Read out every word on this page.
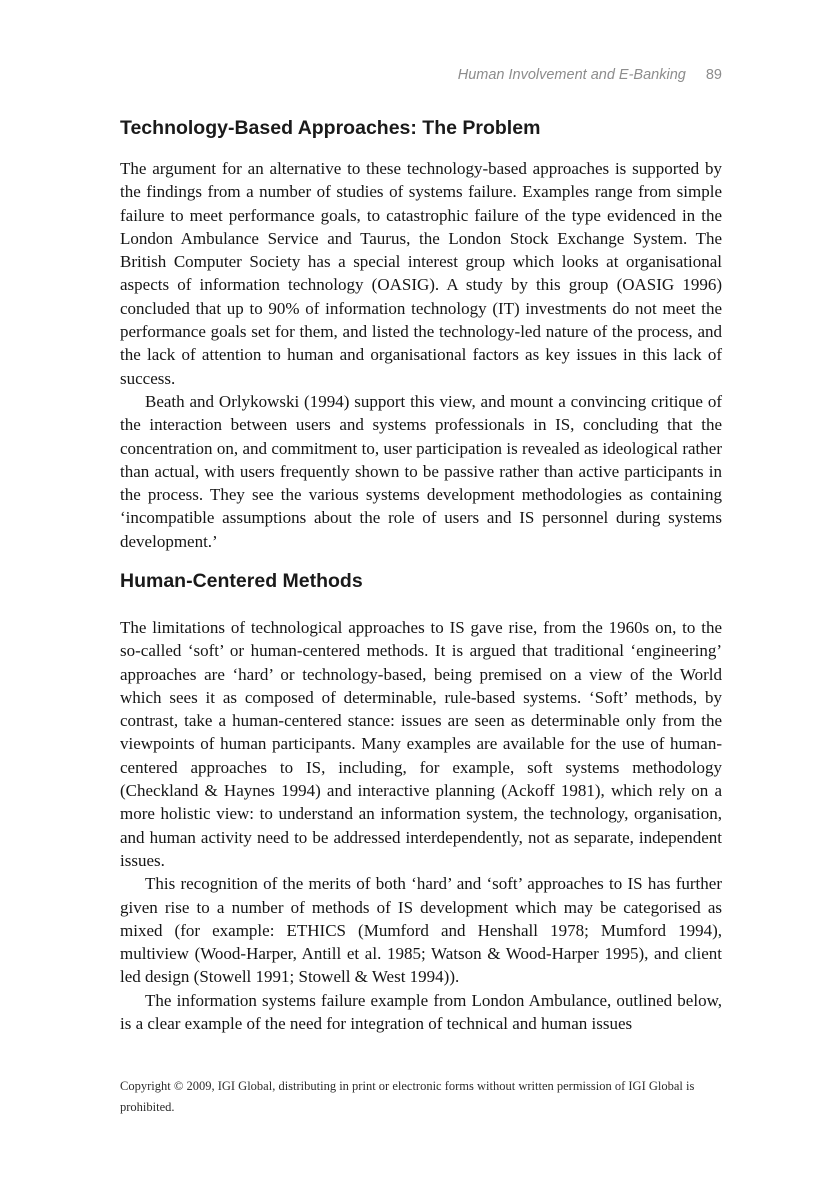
Human Involvement and E-Banking 89
Technology-Based Approaches: The Problem

The argument for an alternative to these technology-based approaches is supported by the findings from a number of studies of systems failure. Examples range from simple failure to meet performance goals, to catastrophic failure of the type evidenced in the London Ambulance Service and Taurus, the London Stock Exchange System. The British Computer Society has a special interest group which looks at organisational aspects of information technology (OASIG). A study by this group (OASIG 1996) concluded that up to 90% of information technology (IT) investments do not meet the performance goals set for them, and listed the technology-led nature of the process, and the lack of attention to human and organisational factors as key issues in this lack of success.

Beath and Orlykowski (1994) support this view, and mount a convincing critique of the interaction between users and systems professionals in IS, concluding that the concentration on, and commitment to, user participation is revealed as ideological rather than actual, with users frequently shown to be passive rather than active participants in the process. They see the various systems development methodologies as containing ‘incompatible assumptions about the role of users and IS personnel during systems development.’

Human-Centered Methods

The limitations of technological approaches to IS gave rise, from the 1960s on, to the so-called ‘soft’ or human-centered methods. It is argued that traditional ‘engineering’ approaches are ‘hard’ or technology-based, being premised on a view of the World which sees it as composed of determinable, rule-based systems. ‘Soft’ methods, by contrast, take a human-centered stance: issues are seen as determinable only from the viewpoints of human participants. Many examples are available for the use of human-centered approaches to IS, including, for example, soft systems methodology (Checkland & Haynes 1994) and interactive planning (Ackoff 1981), which rely on a more holistic view: to understand an information system, the technology, organisation, and human activity need to be addressed interdependently, not as separate, independent issues.

This recognition of the merits of both ‘hard’ and ‘soft’ approaches to IS has further given rise to a number of methods of IS development which may be categorised as mixed (for example: ETHICS (Mumford and Henshall 1978; Mumford 1994), multiview (Wood-Harper, Antill et al. 1985; Watson & Wood-Harper 1995), and client led design (Stowell 1991; Stowell & West 1994)).

The information systems failure example from London Ambulance, outlined below, is a clear example of the need for integration of technical and human issues

Copyright © 2009, IGI Global, distributing in print or electronic forms without written permission of IGI Global is prohibited.
